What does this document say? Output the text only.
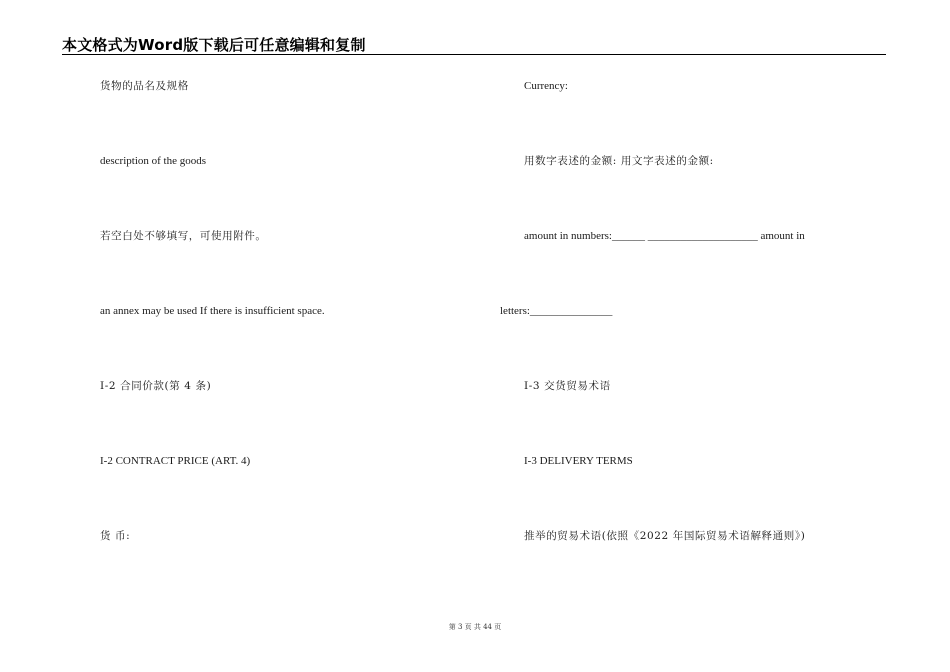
本文格式为Word版下载后可任意编辑和复制
货物的品名及规格
description of the goods
若空白处不够填写，可使用附件。
an annex may be used If there is insufficient space.
I-2 合同价款(第 4 条)
I-2 CONTRACT PRICE (ART. 4)
货 币:
Currency:
用数字表述的金额: 用文字表述的金额:
amount in numbers:______ ____________________ amount in
letters:_______________
I-3 交货贸易术语
I-3 DELIVERY TERMS
推举的贸易术语(依照《2022 年国际贸易术语解释通则》)
第 3 页 共 44 页
